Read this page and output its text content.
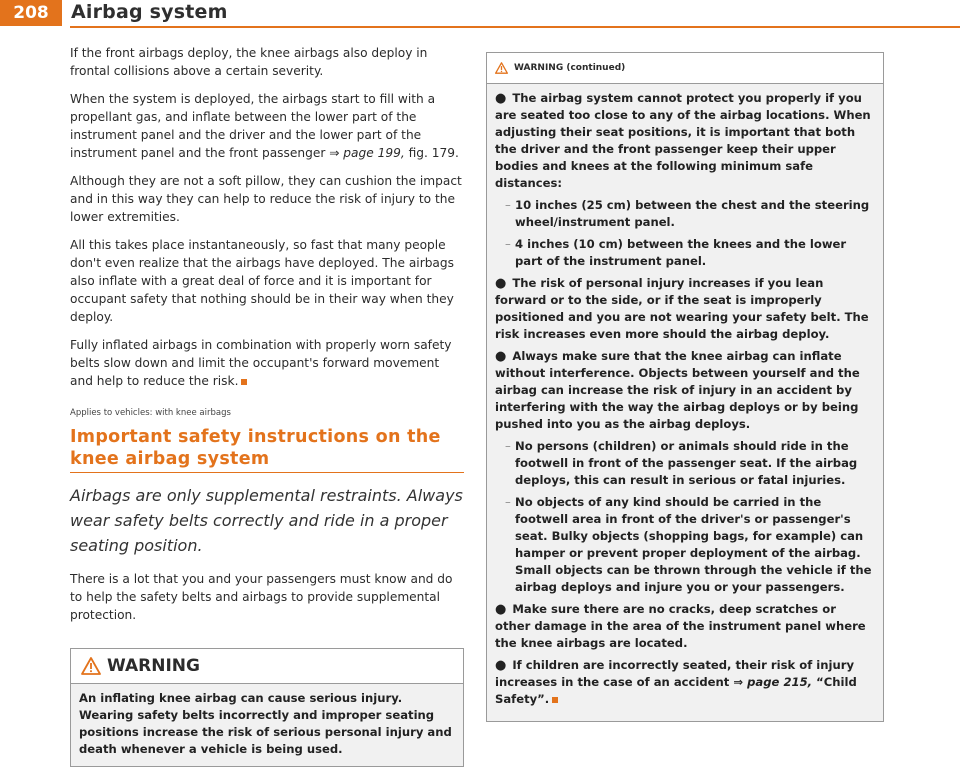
208	Airbag system

If the front airbags deploy, the knee airbags also deploy in frontal collisions above a certain severity.

When the system is deployed, the airbags start to fill with a propellant gas, and inflate between the lower part of the instrument panel and the driver and the lower part of the instrument panel and the front passenger ⇒ page 199, fig. 179.

Although they are not a soft pillow, they can cushion the impact and in this way they can help to reduce the risk of injury to the lower extremities.

All this takes place instantaneously, so fast that many people don't even realize that the airbags have deployed. The airbags also inflate with a great deal of force and it is important for occupant safety that nothing should be in their way when they deploy.

Fully inflated airbags in combination with properly worn safety belts slow down and limit the occupant's forward movement and help to reduce the risk.

Applies to vehicles: with knee airbags
Important safety instructions on the knee airbag system
Airbags are only supplemental restraints. Always wear safety belts correctly and ride in a proper seating position.

There is a lot that you and your passengers must know and do to help the safety belts and airbags to provide supplemental protection.

WARNING
An inflating knee airbag can cause serious injury. Wearing safety belts incorrectly and improper seating positions increase the risk of serious personal injury and death whenever a vehicle is being used.
WARNING (continued)
● The airbag system cannot protect you properly if you are seated too close to any of the airbag locations. When adjusting their seat positions, it is important that both the driver and the front passenger keep their upper bodies and knees at the following minimum safe distances:
– 10 inches (25 cm) between the chest and the steering wheel/instrument panel.
– 4 inches (10 cm) between the knees and the lower part of the instrument panel.
● The risk of personal injury increases if you lean forward or to the side, or if the seat is improperly positioned and you are not wearing your safety belt. The risk increases even more should the airbag deploy.
● Always make sure that the knee airbag can inflate without interference. Objects between yourself and the airbag can increase the risk of injury in an accident by interfering with the way the airbag deploys or by being pushed into you as the airbag deploys.
– No persons (children) or animals should ride in the footwell in front of the passenger seat. If the airbag deploys, this can result in serious or fatal injuries.
– No objects of any kind should be carried in the footwell area in front of the driver's or passenger's seat. Bulky objects (shopping bags, for example) can hamper or prevent proper deployment of the airbag. Small objects can be thrown through the vehicle if the airbag deploys and injure you or your passengers.
● Make sure there are no cracks, deep scratches or other damage in the area of the instrument panel where the knee airbags are located.
● If children are incorrectly seated, their risk of injury increases in the case of an accident ⇒ page 215, “Child Safety”.
